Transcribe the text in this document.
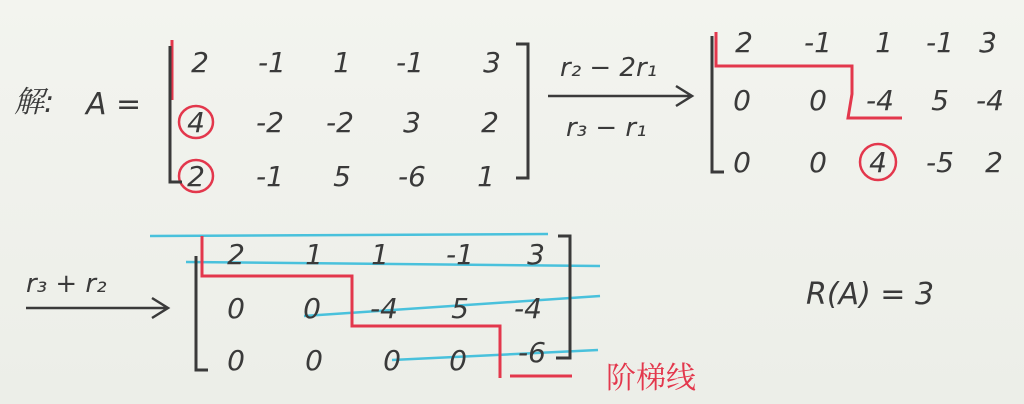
解: A =
2 -1 1 -1 3
4 -2 -2 3 2
2 -1 5 -6 1
r₂ − 2r₁
r₃ − r₁
2 -1 1 -1 3
0 0 -4 5 -4
0 0 4 -5 2
r₃ + r₂
2 1 1 -1 3
0 0 -4 5 -4
0 0 0 0 -6
阶梯线
R(A) = 3
